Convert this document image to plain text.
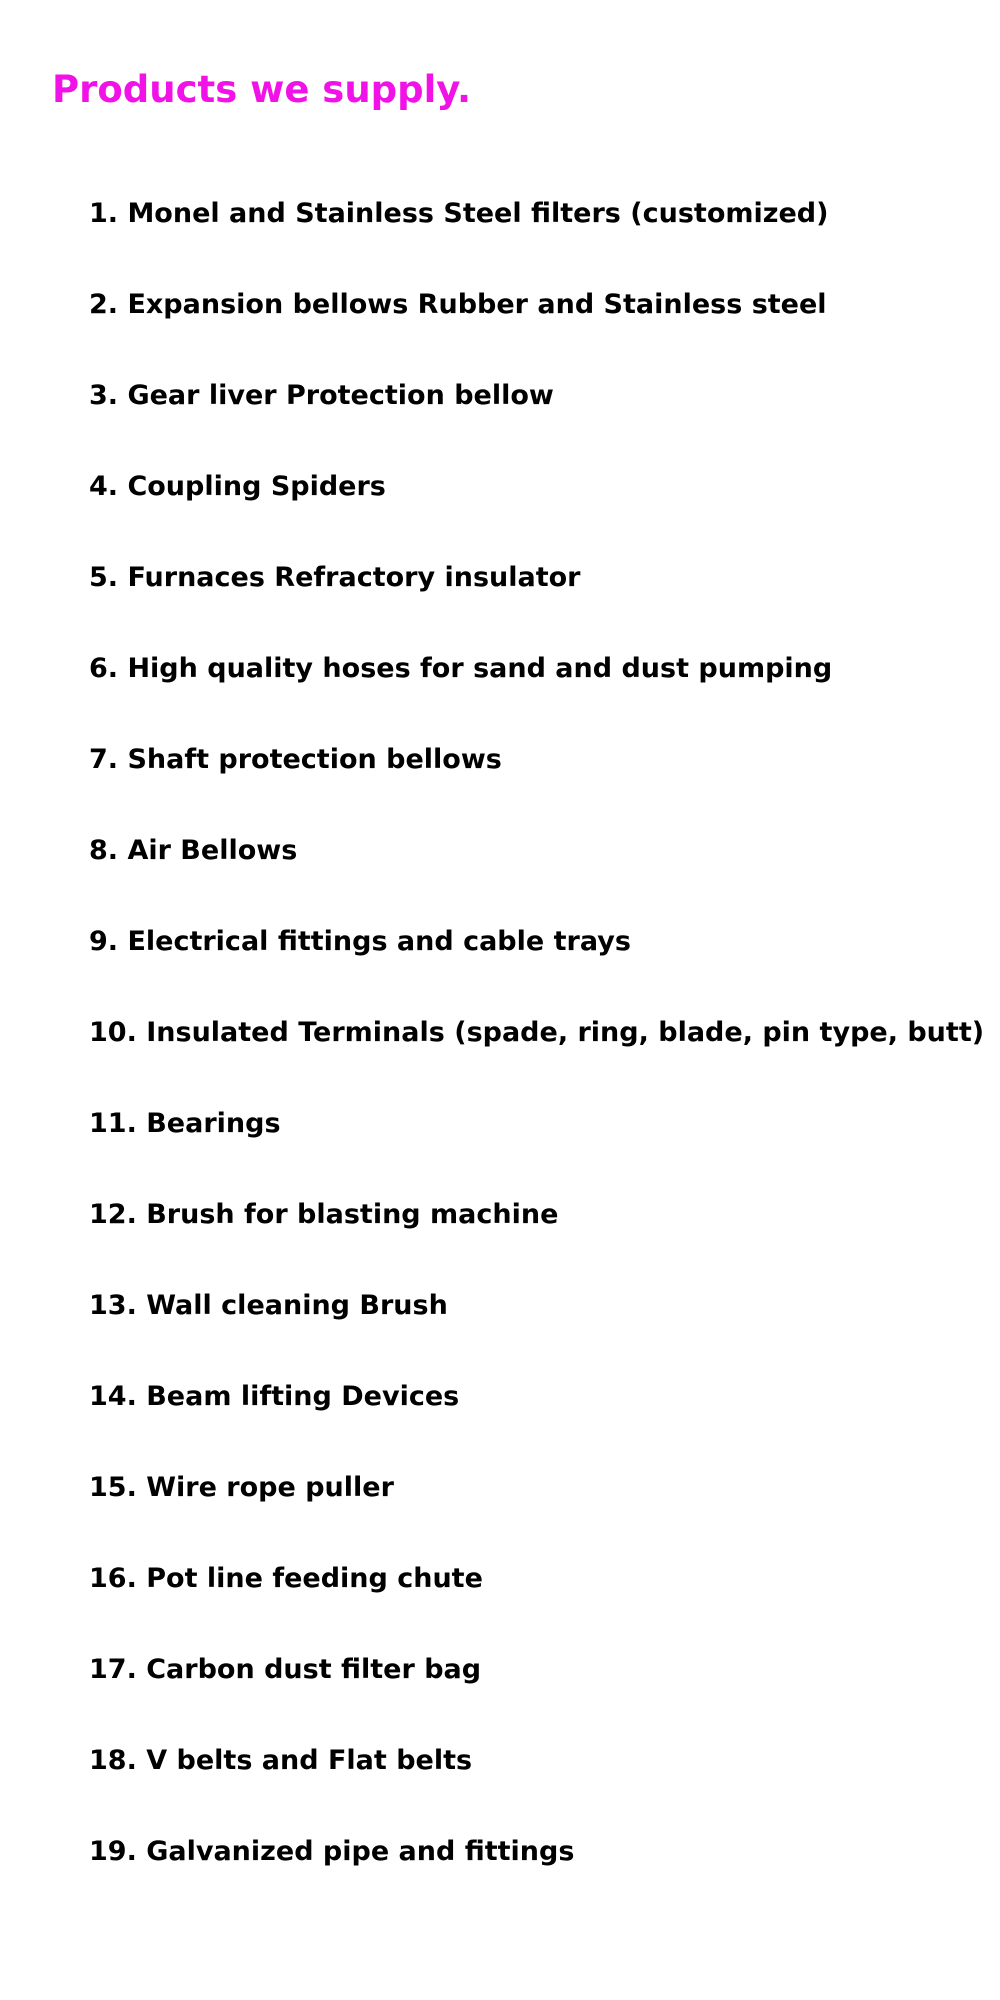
Products we supply.
1. Monel and Stainless Steel filters (customized)
2. Expansion bellows Rubber and Stainless steel
3. Gear liver Protection bellow
4. Coupling Spiders
5. Furnaces Refractory insulator
6. High quality hoses for sand and dust pumping
7. Shaft protection bellows
8. Air Bellows
9. Electrical fittings and cable trays
10. Insulated Terminals (spade, ring, blade, pin type, butt)
11. Bearings
12. Brush for blasting machine
13. Wall cleaning Brush
14. Beam lifting Devices
15. Wire rope puller
16. Pot line feeding chute
17. Carbon dust filter bag
18. V belts and Flat belts
19. Galvanized pipe and fittings
